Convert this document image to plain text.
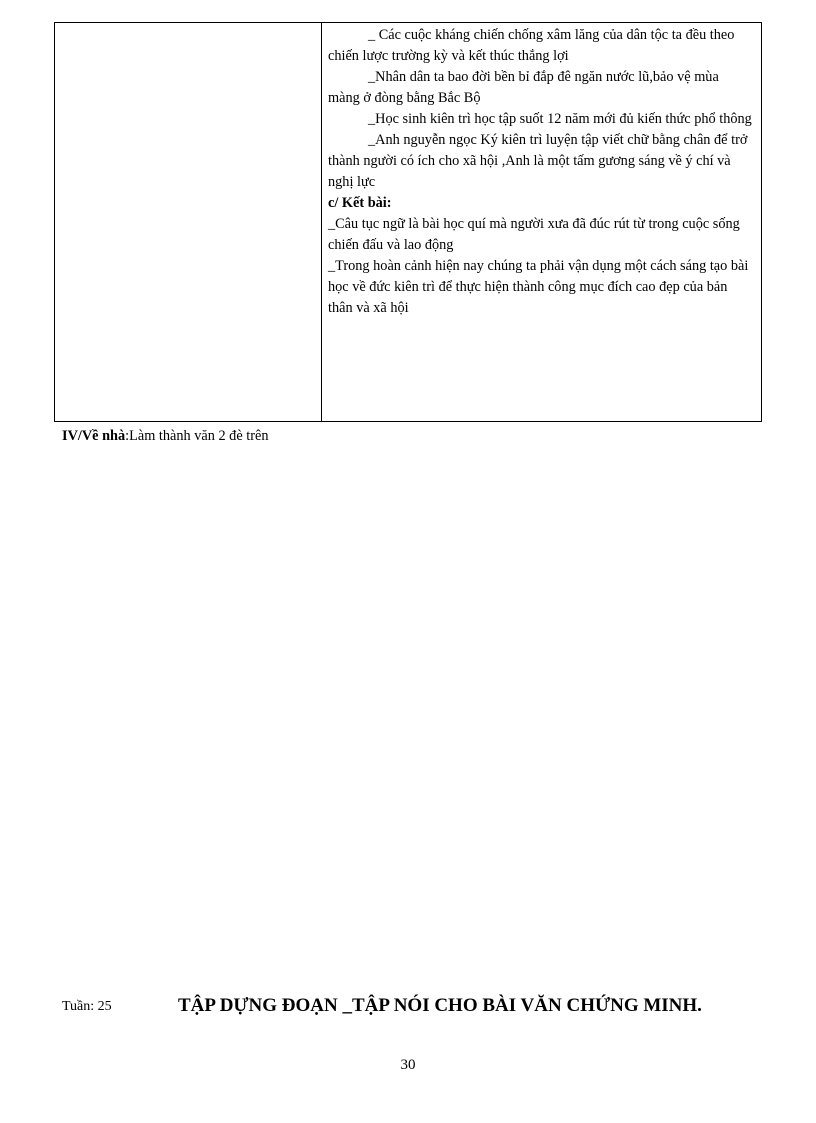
_ Các cuộc kháng chiến chống xâm lăng của dân tộc ta đều theo chiến lược trường kỳ và kết thúc thắng lợi

_Nhân dân ta bao đời bền bỉ đắp đê ngăn nước lũ,bảo vệ mùa màng ở đòng bằng Bắc Bộ

_Học sinh kiên trì học tập suốt 12 năm mới đủ kiến thức phổ thông

_Anh nguyễn ngọc Ký kiên trì luyện tập viết chữ bằng chân để trở thành người có ích cho xã hội ,Anh là một tấm gương sáng về ý chí và nghị lực

c/ Kết bài:

_Câu tục ngữ là bài học quí mà người xưa đã đúc rút từ trong cuộc sống chiến đấu và lao động

_Trong hoàn cảnh hiện nay chúng ta phải vận dụng một cách sáng tạo bài học về đức kiên trì để thực hiện thành công mục đích cao đẹp của bản thân và xã hội

IV/Về nhà:Làm thành văn 2 đè trên
Tuần: 25	TẬP DỰNG ĐOẠN _TẬP NÓI CHO BÀI VĂN CHỨNG MINH.
30
